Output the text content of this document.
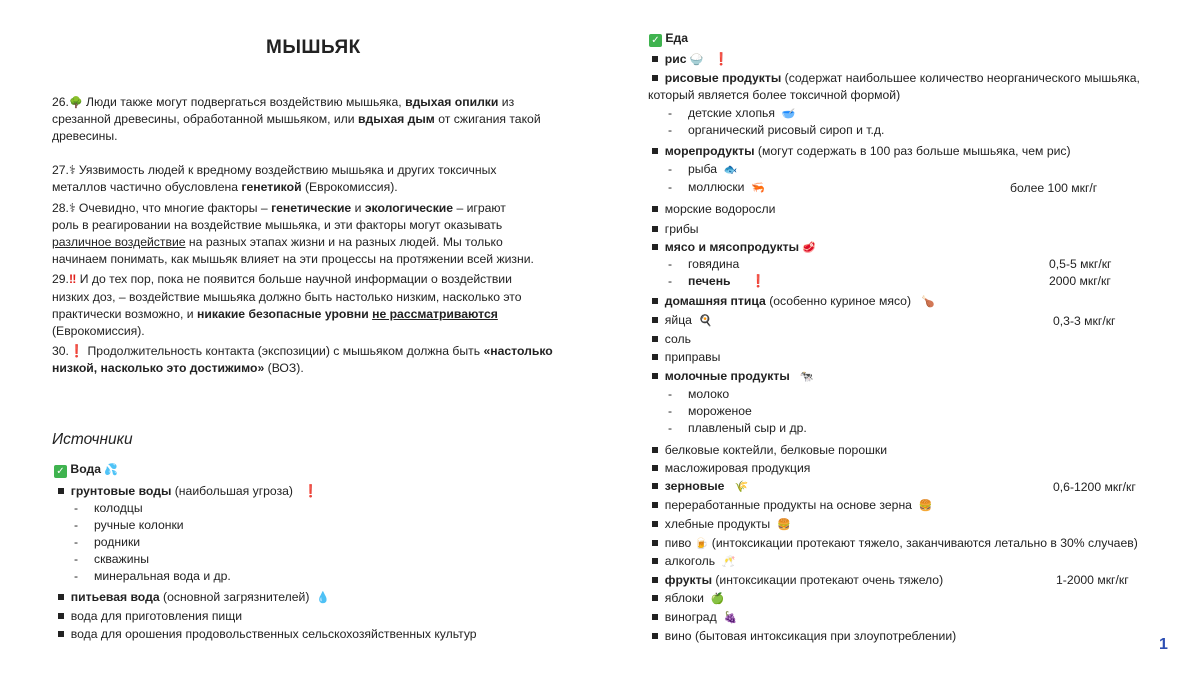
МЫШЬЯК
26.🌳 Люди также могут подвергаться воздействию мышьяка, вдыхая опилки из
срезанной древесины, обработанной мышьяком, или вдыхая дым от сжигания такой
древесины.
27.⚕ Уязвимость людей к вредному воздействию мышьяка и других токсичных
металлов частично обусловлена генетикой (Еврокомиссия).
28.⚕ Очевидно, что многие факторы – генетические и экологические – играют
роль в реагировании на воздействие мышьяка, и эти факторы могут оказывать
различное воздействие на разных этапах жизни и на разных людей. Мы только
начинаем понимать, как мышьяк влияет на эти процессы на протяжении всей жизни.
29.‼ И до тех пор, пока не появится больше научной информации о воздействии
низких доз, – воздействие мышьяка должно быть настолько низким, насколько это
практически возможно, и никакие безопасные уровни не рассматриваются
(Еврокомиссия).
30.❗ Продолжительность контакта (экспозиции) с мышьяком должна быть «настолько
низкой, насколько это достижимо» (ВОЗ).
Источники
✓ Вода 💦
грунтовые воды (наибольшая угроза) ❗
- колодцы
- ручные колонки
- родники
- скважины
- минеральная вода и др.
питьевая вода (основной загрязнителей) 💧
вода для приготовления пищи
вода для орошения продовольственных сельскохозяйственных культур
✓ Еда
рис 🍚 ❗
рисовые продукты (содержат наибольшее количество неорганического мышьяка,
который является более токсичной формой)
- детские хлопья 🥣
- органический рисовый сироп и т.д.
морепродукты (могут содержать в 100 раз больше мышьяка, чем рис)
- рыба 🐟
- моллюски 🦐	более 100 мкг/г
морские водоросли
грибы
мясо и мясопродукты 🥩
- говядина	0,5-5 мкг/кг
- печень ❗	2000 мкг/кг
домашняя птица (особенно куриное мясо) 🍗
яйца 🍳	0,3-3 мкг/кг
соль
приправы
молочные продукты 🐄
- молоко
- мороженое
- плавленый сыр и др.
белковые коктейли, белковые порошки
масложировая продукция
зерновые 🌾	0,6-1200 мкг/кг
переработанные продукты на основе зерна 🍔
хлебные продукты 🍔
пиво 🍺 (интоксикации протекают тяжело, заканчиваются летально в 30% случаев)
алкоголь 🥂
фрукты (интоксикации протекают очень тяжело)	1-2000 мкг/кг
яблоки 🍏
виноград 🍇
вино (бытовая интоксикация при злоупотреблении)	1
